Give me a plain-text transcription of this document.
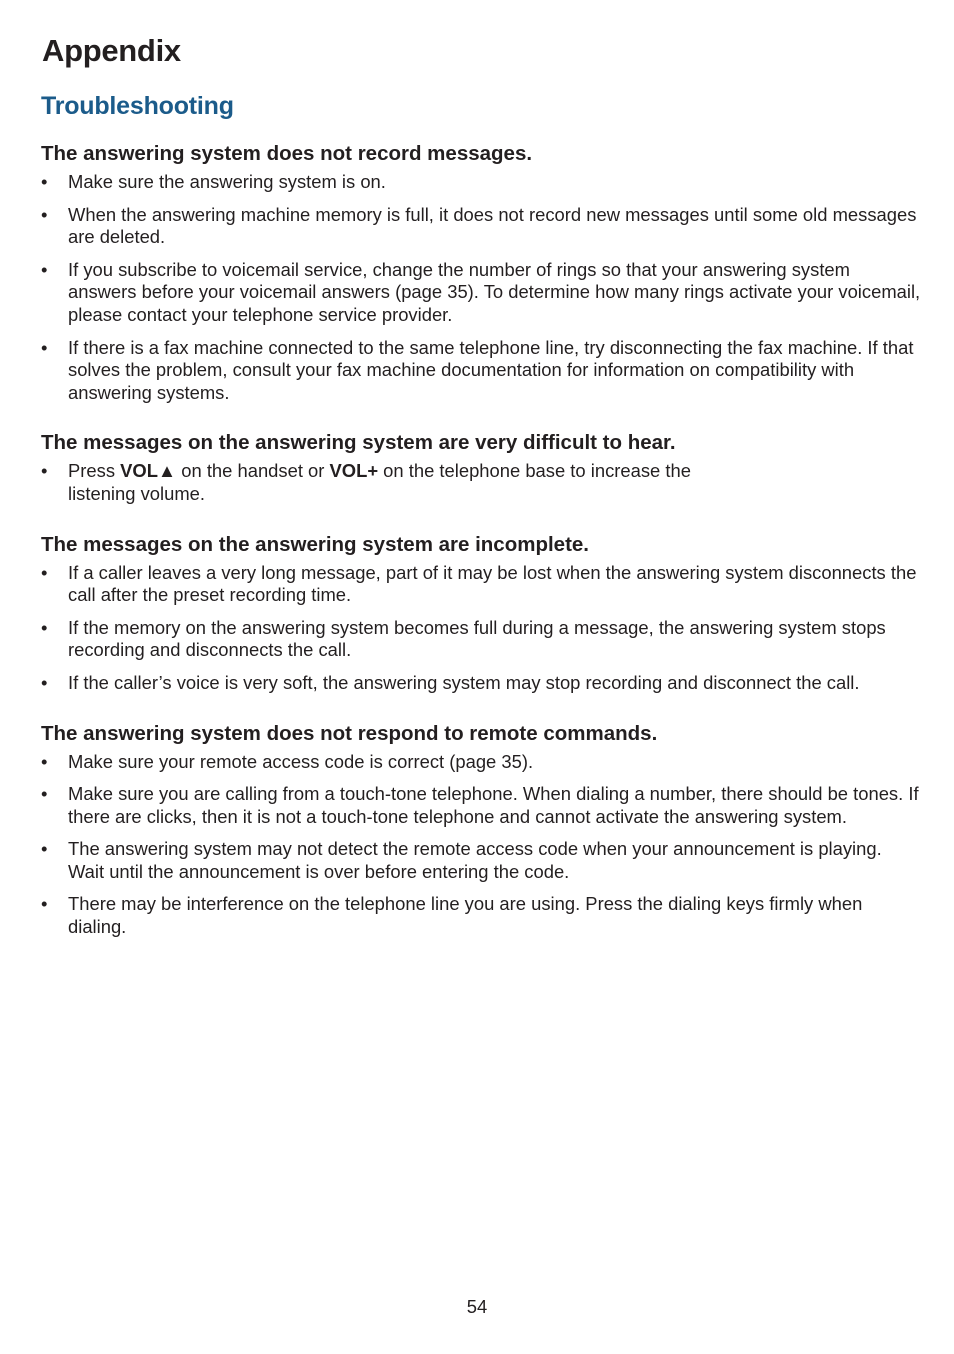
Appendix
Troubleshooting
The answering system does not record messages.
• Make sure the answering system is on.
• When the answering machine memory is full, it does not record new messages until some old messages are deleted.
• If you subscribe to voicemail service, change the number of rings so that your answering system answers before your voicemail answers (page 35). To determine how many rings activate your voicemail, please contact your telephone service provider.
• If there is a fax machine connected to the same telephone line, try disconnecting the fax machine. If that solves the problem, consult your fax machine documentation for information on compatibility with answering systems.
The messages on the answering system are very difficult to hear.
• Press VOL▲ on the handset or VOL+ on the telephone base to increase the
listening volume.
The messages on the answering system are incomplete.
• If a caller leaves a very long message, part of it may be lost when the answering system disconnects the call after the preset recording time.
• If the memory on the answering system becomes full during a message, the answering system stops recording and disconnects the call.
• If the caller’s voice is very soft, the answering system may stop recording and disconnect the call.
The answering system does not respond to remote commands.
• Make sure your remote access code is correct (page 35).
• Make sure you are calling from a touch-tone telephone. When dialing a number, there should be tones. If there are clicks, then it is not a touch-tone telephone and cannot activate the answering system.
• The answering system may not detect the remote access code when your announcement is playing. Wait until the announcement is over before entering the code.
• There may be interference on the telephone line you are using. Press the dialing keys firmly when dialing.
54
